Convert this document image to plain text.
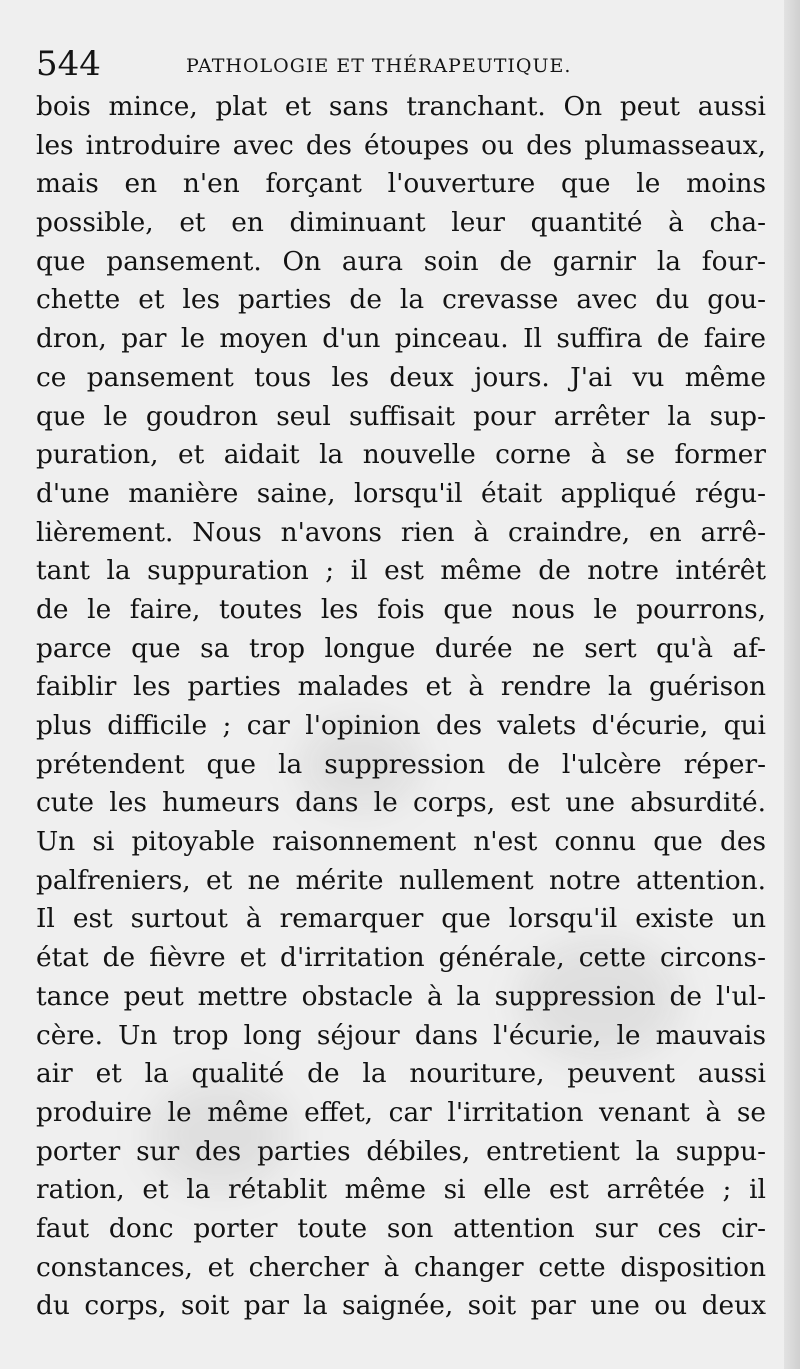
544	PATHOLOGIE ET THÉRAPEUTIQUE.
bois mince, plat et sans tranchant. On peut aussi
les introduire avec des étoupes ou des plumasseaux,
mais en n'en forçant l'ouverture que le moins
possible, et en diminuant leur quantité à cha-
que pansement. On aura soin de garnir la four-
chette et les parties de la crevasse avec du gou-
dron, par le moyen d'un pinceau. Il suffira de faire
ce pansement tous les deux jours. J'ai vu même
que le goudron seul suffisait pour arrêter la sup-
puration, et aidait la nouvelle corne à se former
d'une manière saine, lorsqu'il était appliqué régu-
lièrement. Nous n'avons rien à craindre, en arrê-
tant la suppuration ; il est même de notre intérêt
de le faire, toutes les fois que nous le pourrons,
parce que sa trop longue durée ne sert qu'à af-
faiblir les parties malades et à rendre la guérison
plus difficile ; car l'opinion des valets d'écurie, qui
prétendent que la suppression de l'ulcère réper-
cute les humeurs dans le corps, est une absurdité.
Un si pitoyable raisonnement n'est connu que des
palfreniers, et ne mérite nullement notre attention.
Il est surtout à remarquer que lorsqu'il existe un
état de fièvre et d'irritation générale, cette circons-
tance peut mettre obstacle à la suppression de l'ul-
cère. Un trop long séjour dans l'écurie, le mauvais
air et la qualité de la nouriture, peuvent aussi
produire le même effet, car l'irritation venant à se
porter sur des parties débiles, entretient la suppu-
ration, et la rétablit même si elle est arrêtée ; il
faut donc porter toute son attention sur ces cir-
constances, et chercher à changer cette disposition
du corps, soit par la saignée, soit par une ou deux
